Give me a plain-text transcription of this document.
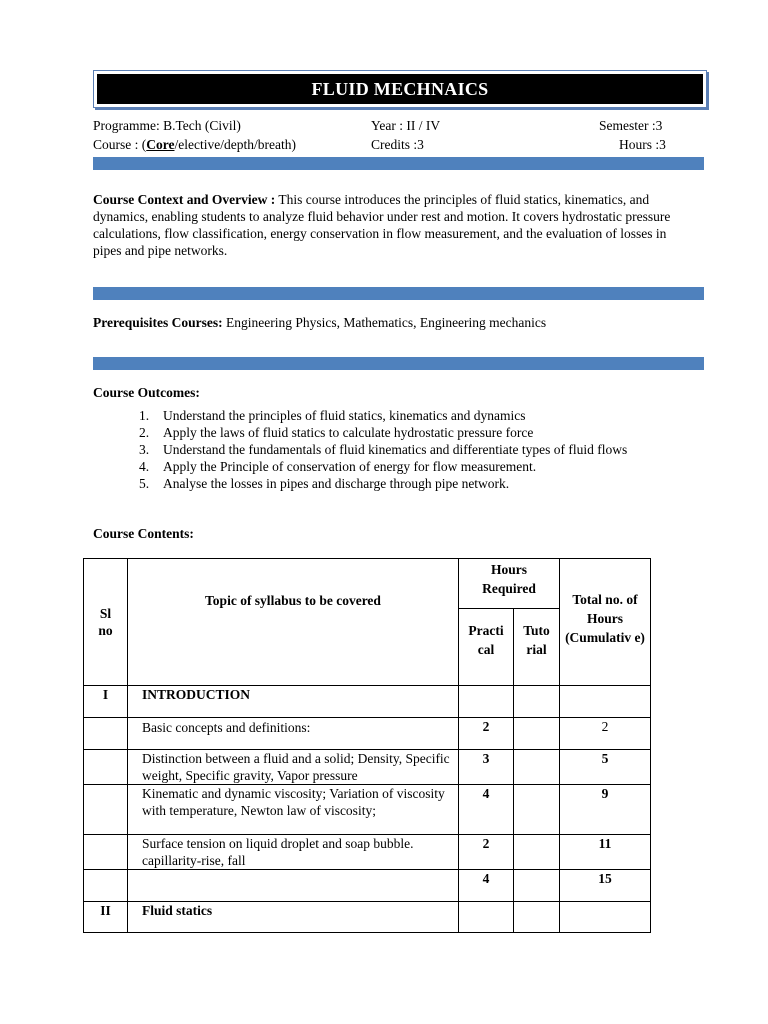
FLUID MECHNAICS
Programme: B.Tech (Civil)	Year : II / IV	Semester :3
Course : (Core/elective/depth/breath)	Credits :3	Hours :3
Course Context and Overview : This course introduces the principles of fluid statics, kinematics, and dynamics, enabling students to analyze fluid behavior under rest and motion. It covers hydrostatic pressure calculations, flow classification, energy conservation in flow measurement, and the evaluation of losses in pipes and pipe networks.
Prerequisites Courses: Engineering Physics, Mathematics, Engineering mechanics
Course Outcomes:
1. Understand the principles of fluid statics, kinematics and dynamics
2. Apply the laws of fluid statics to calculate hydrostatic pressure force
3. Understand the fundamentals of fluid kinematics and differentiate types of fluid flows
4. Apply the Principle of conservation of energy for flow measurement.
5. Analyse the losses in pipes and discharge through pipe network.
Course Contents:
Sl no	Topic of syllabus to be covered	Hours Required		Total no. of Hours (Cumulativ e)

		Practi cal	Tuto rial	

I	INTRODUCTION			
	Basic concepts and definitions:	2		2
	Distinction between a fluid and a solid; Density, Specific weight, Specific gravity, Vapor pressure	3		5
	Kinematic and dynamic viscosity; Variation of viscosity with temperature, Newton law of viscosity;	4		9
	Surface tension on liquid droplet and soap bubble. capillarity-rise, fall	2		11
		4		15
II	Fluid statics			
